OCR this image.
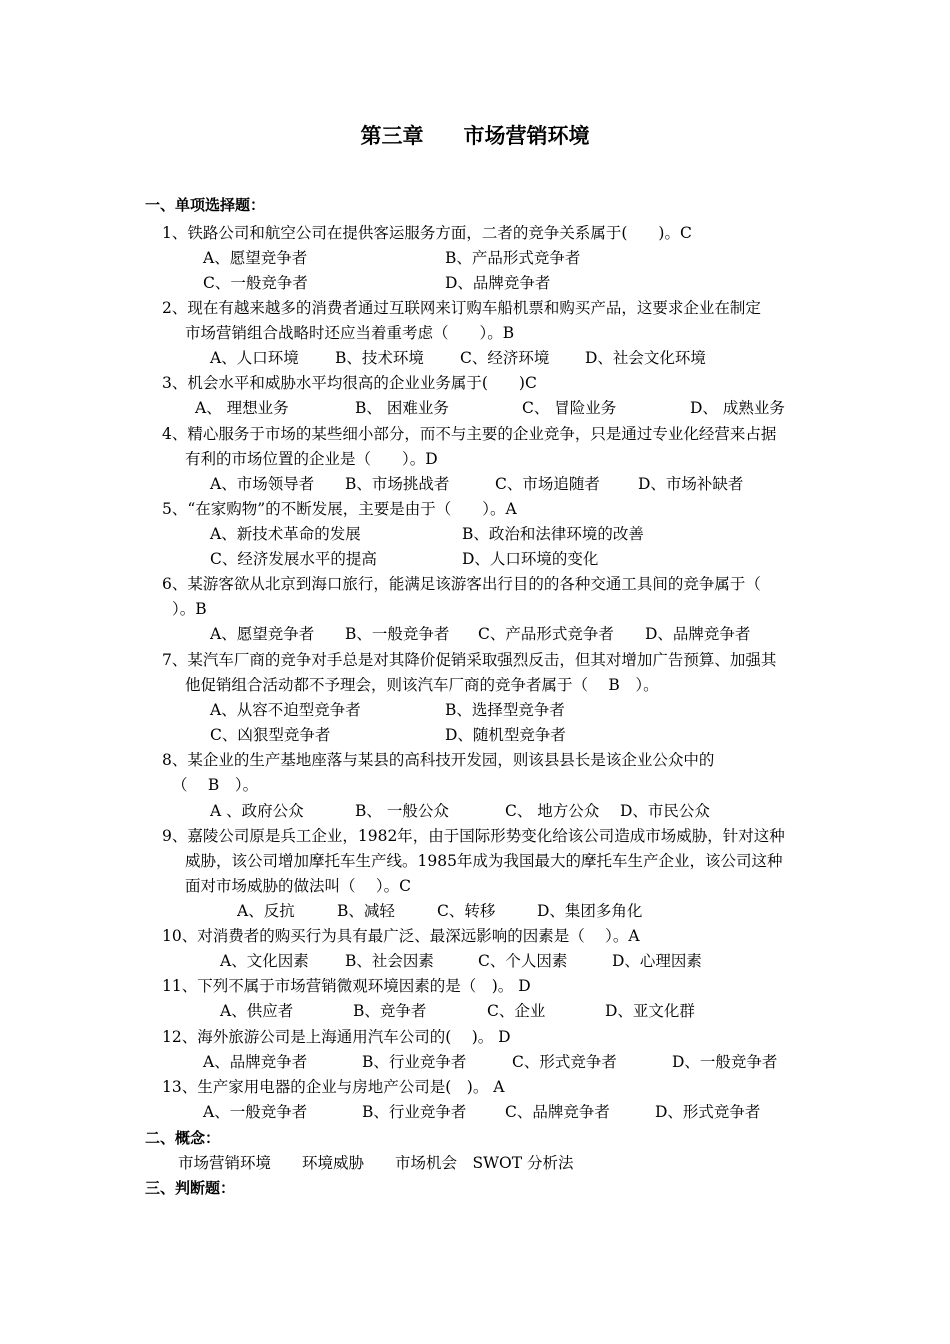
第三章 市场营销环境
一、单项选择题：
1、铁路公司和航空公司在提供客运服务方面，二者的竞争关系属于(　　)。C
A、愿望竞争者	B、产品形式竞争者
C、一般竞争者	D、品牌竞争者
2、现在有越来越多的消费者通过互联网来订购车船机票和购买产品，这要求企业在制定
市场营销组合战略时还应当着重考虑（　　）。B
A、人口环境 B、技术环境 C、经济环境 D、社会文化环境
3、机会水平和威胁水平均很高的企业业务属于(　　)C
A、 理想业务	B、 困难业务	C、 冒险业务	D、 成熟业务
4、精心服务于市场的某些细小部分，而不与主要的企业竞争，只是通过专业化经营来占据
有利的市场位置的企业是（　　）。D
A、市场领导者 B、市场挑战者	C、市场追随者 D、市场补缺者
5、“在家购物”的不断发展，主要是由于（　　）。A
A、新技术革命的发展	B、政治和法律环境的改善
C、经济发展水平的提高	D、人口环境的变化
6、某游客欲从北京到海口旅行，能满足该游客出行目的的各种交通工具间的竞争属于（
）。B
A、愿望竞争者 B、一般竞争者 C、产品形式竞争者 D、品牌竞争者
7、某汽车厂商的竞争对手总是对其降价促销采取强烈反击，但其对增加广告预算、加强其
他促销组合活动都不予理会，则该汽车厂商的竞争者属于（　 B　）。
A、从容不迫型竞争者	B、选择型竞争者
C、凶狠型竞争者	D、随机型竞争者
8、某企业的生产基地座落与某县的高科技开发园，则该县县长是该企业公众中的
（　 B　）。
A 、政府公众	B、 一般公众	C、 地方公众 D、市民公众
9、嘉陵公司原是兵工企业，1982年，由于国际形势变化给该公司造成市场威胁，针对这种
威胁，该公司增加摩托车生产线。1985年成为我国最大的摩托车生产企业，该公司这种
面对市场威胁的做法叫（　 ）。C
A、反抗	B、减轻	C、转移	D、集团多角化
10、对消费者的购买行为具有最广泛、最深远影响的因素是（　 ）。A
A、文化因素 B、社会因素	C、个人因素	D、心理因素
11、下列不属于市场营销微观环境因素的是（　)。 D
A、供应者	B、竞争者	C、企业	D、亚文化群
12、海外旅游公司是上海通用汽车公司的(　 )。 D
A、品牌竞争者	B、行业竞争者	C、形式竞争者	D、一般竞争者
13、生产家用电器的企业与房地产公司是(　)。 A
A、一般竞争者	B、行业竞争者 C、品牌竞争者	D、形式竞争者
二、概念：
市场营销环境　　环境威胁　　市场机会　SWOT 分析法
三、判断题：
